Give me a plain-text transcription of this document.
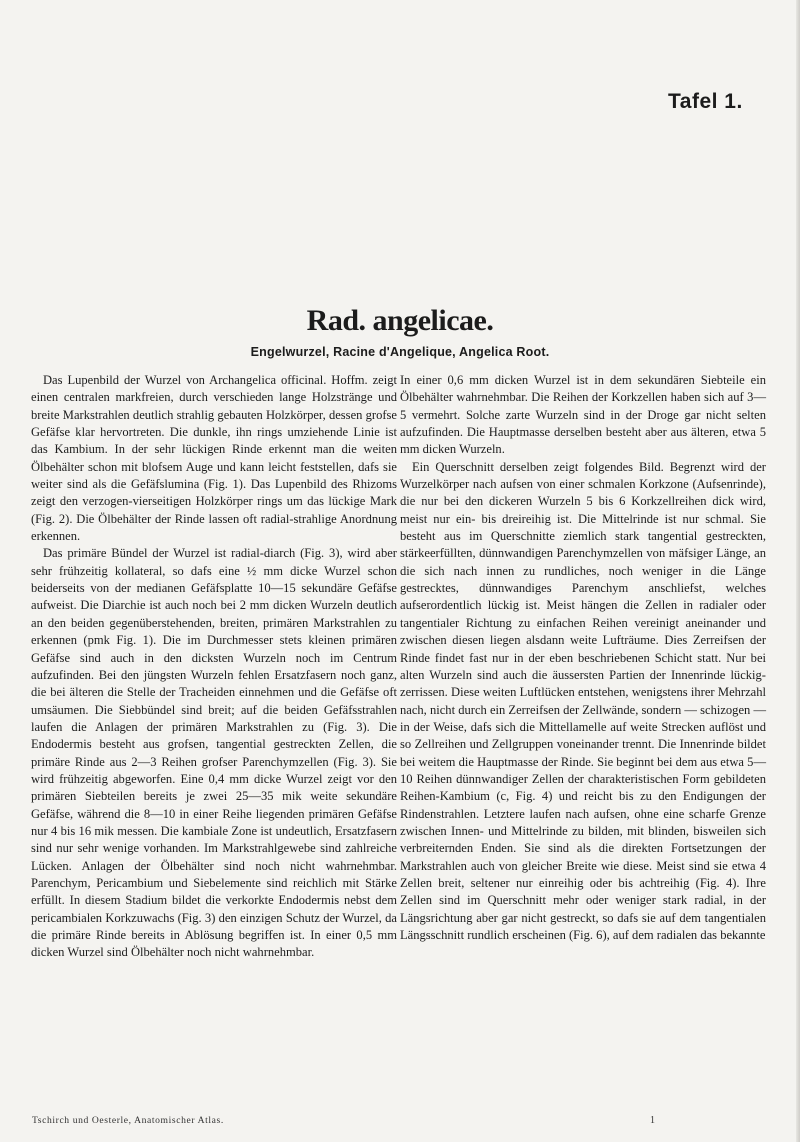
Tafel 1.
Rad. angelicae.
Engelwurzel, Racine d'Angelique, Angelica Root.

Das Lupenbild der Wurzel von Archangelica officinal. Hoffm. zeigt einen centralen markfreien, durch verschieden lange Holzstränge und breite Markstrahlen deutlich strahlig gebauten Holzkörper, dessen grofse Gefäfse klar hervortreten. Die dunkle, ihn rings umziehende Linie ist das Kambium. In der sehr lückigen Rinde erkennt man die weiten Ölbehälter schon mit blofsem Auge und kann leicht feststellen, dafs sie weiter sind als die Gefäfslumina (Fig. 1). Das Lupenbild des Rhizoms zeigt den verzogen-vierseitigen Holzkörper rings um das lückige Mark (Fig. 2). Die Ölbehälter der Rinde lassen oft radial-strahlige Anordnung erkennen.

Das primäre Bündel der Wurzel ist radial-diarch (Fig. 3), wird aber sehr frühzeitig kollateral, so dafs eine ½ mm dicke Wurzel schon beiderseits von der medianen Gefäfsplatte 10—15 sekundäre Gefäfse aufweist. Die Diarchie ist auch noch bei 2 mm dicken Wurzeln deutlich an den beiden gegenüberstehenden, breiten, primären Markstrahlen zu erkennen (pmk Fig. 1). Die im Durchmesser stets kleinen primären Gefäfse sind auch in den dicksten Wurzeln noch im Centrum aufzufinden. Bei den jüngsten Wurzeln fehlen Ersatzfasern noch ganz, die bei älteren die Stelle der Tracheiden einnehmen und die Gefäfse oft umsäumen. Die Siebbündel sind breit; auf die beiden Gefäfsstrahlen laufen die Anlagen der primären Markstrahlen zu (Fig. 3). Die Endodermis besteht aus grofsen, tangential gestreckten Zellen, die primäre Rinde aus 2—3 Reihen grofser Parenchymzellen (Fig. 3). Sie wird frühzeitig abgeworfen. Eine 0,4 mm dicke Wurzel zeigt vor den primären Siebteilen bereits je zwei 25—35 mik weite sekundäre Gefäfse, während die 8—10 in einer Reihe liegenden primären Gefäfse nur 4 bis 16 mik messen. Die kambiale Zone ist undeutlich, Ersatzfasern sind nur sehr wenige vorhanden. Im Markstrahlgewebe sind zahlreiche Lücken. Anlagen der Ölbehälter sind noch nicht wahrnehmbar. Parenchym, Pericambium und Siebelemente sind reichlich mit Stärke erfüllt. In diesem Stadium bildet die verkorkte Endodermis nebst dem pericambialen Korkzuwachs (Fig. 3) den einzigen Schutz der Wurzel, da die primäre Rinde bereits in Ablösung begriffen ist. In einer 0,5 mm dicken Wurzel sind Ölbehälter noch nicht wahrnehmbar.

In einer 0,6 mm dicken Wurzel ist in dem sekundären Siebteile ein Ölbehälter wahrnehmbar. Die Reihen der Korkzellen haben sich auf 3—5 vermehrt. Solche zarte Wurzeln sind in der Droge gar nicht selten aufzufinden. Die Hauptmasse derselben besteht aber aus älteren, etwa 5 mm dicken Wurzeln.

Ein Querschnitt derselben zeigt folgendes Bild. Begrenzt wird der Wurzelkörper nach aufsen von einer schmalen Korkzone (Aufsenrinde), die nur bei den dickeren Wurzeln 5 bis 6 Korkzellreihen dick wird, meist nur ein- bis dreireihig ist. Die Mittelrinde ist nur schmal. Sie besteht aus im Querschnitte ziemlich stark tangential gestreckten, stärkeerfüllten, dünnwandigen Parenchymzellen von mäfsiger Länge, an die sich nach innen zu rundliches, noch weniger in die Länge gestrecktes, dünnwandiges Parenchym anschliefst, welches aufserordentlich lückig ist. Meist hängen die Zellen in radialer oder tangentialer Richtung zu einfachen Reihen vereinigt aneinander und zwischen diesen liegen alsdann weite Lufträume. Dies Zerreifsen der Rinde findet fast nur in der eben beschriebenen Schicht statt. Nur bei alten Wurzeln sind auch die äussersten Partien der Innenrinde lückig-zerrissen. Diese weiten Luftlücken entstehen, wenigstens ihrer Mehrzahl nach, nicht durch ein Zerreifsen der Zellwände, sondern — schizogen — in der Weise, dafs sich die Mittellamelle auf weite Strecken auflöst und so Zellreihen und Zellgruppen voneinander trennt. Die Innenrinde bildet bei weitem die Hauptmasse der Rinde. Sie beginnt bei dem aus etwa 5—10 Reihen dünnwandiger Zellen der charakteristischen Form gebildeten Reihen-Kambium (c, Fig. 4) und reicht bis zu den Endigungen der Rindenstrahlen. Letztere laufen nach aufsen, ohne eine scharfe Grenze zwischen Innen- und Mittelrinde zu bilden, mit blinden, bisweilen sich verbreiternden Enden. Sie sind als die direkten Fortsetzungen der Markstrahlen auch von gleicher Breite wie diese. Meist sind sie etwa 4 Zellen breit, seltener nur einreihig oder bis achtreihig (Fig. 4). Ihre Zellen sind im Querschnitt mehr oder weniger stark radial, in der Längsrichtung aber gar nicht gestreckt, so dafs sie auf dem tangentialen Längsschnitt rundlich erscheinen (Fig. 6), auf dem radialen das bekannte

Tschirch und Oesterle, Anatomischer Atlas.	1
